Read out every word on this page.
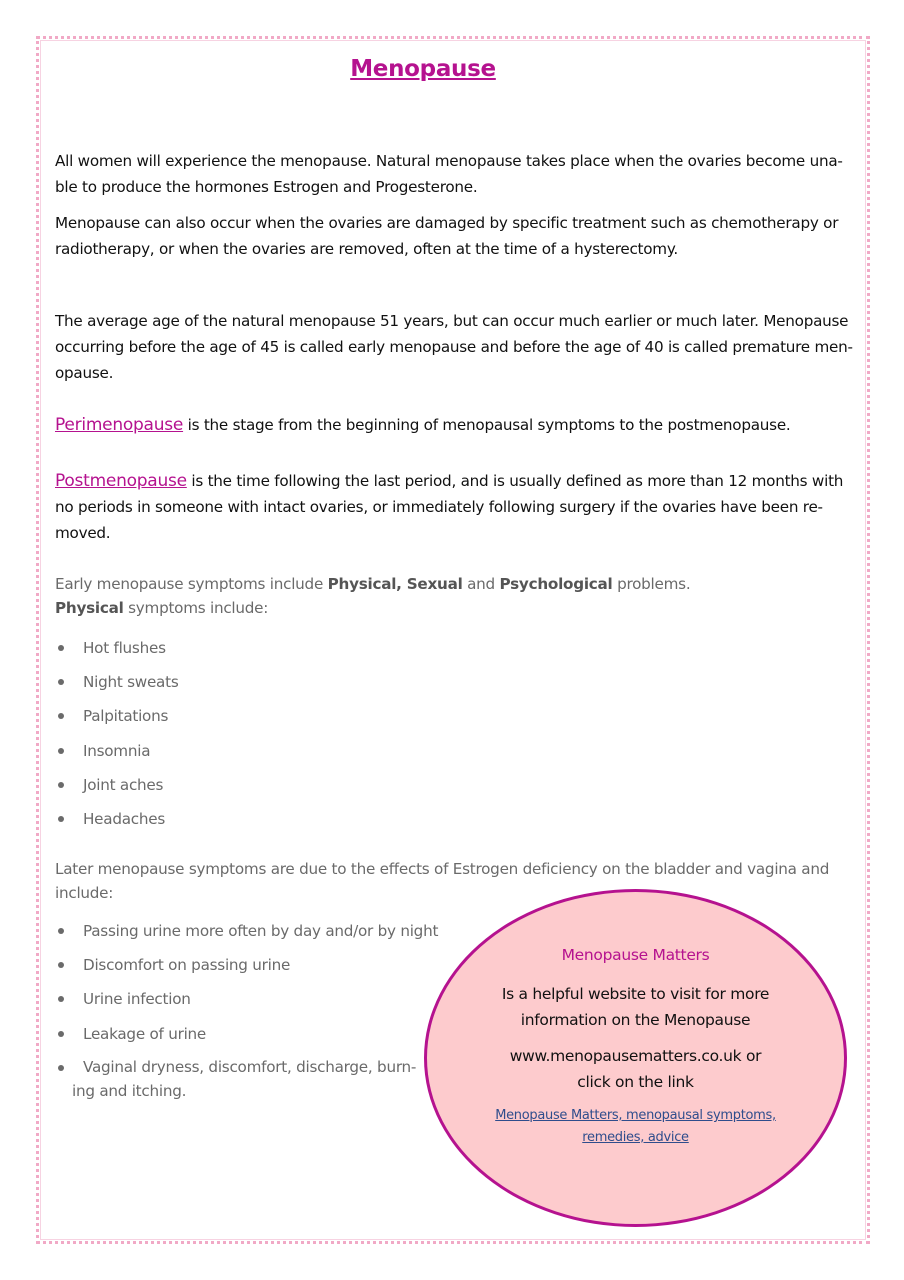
Menopause

All women will experience the menopause. Natural menopause takes place when the ovaries become una-ble to produce the hormones Estrogen and Progesterone.

Menopause can also occur when the ovaries are damaged by specific treatment such as chemotherapy or radiotherapy, or when the ovaries are removed, often at the time of a hysterectomy.

The average age of the natural menopause 51 years, but can occur much earlier or much later. Menopause occurring before the age of 45 is called early menopause and before the age of 40 is called premature men-opause.

Perimenopause is the stage from the beginning of menopausal symptoms to the postmenopause.

Postmenopause is the time following the last period, and is usually defined as more than 12 months with no periods in someone with intact ovaries, or immediately following surgery if the ovaries have been re-moved.

Early menopause symptoms include Physical, Sexual and Psychological problems.
Physical symptoms include:
Hot flushes
Night sweats
Palpitations
Insomnia
Joint aches
Headaches

Later menopause symptoms are due to the effects of Estrogen deficiency on the bladder and vagina and include:

Passing urine more often by day and/or by night
Discomfort on passing urine
Urine infection
Leakage of urine
Vaginal dryness, discomfort, discharge, burn-ing and itching.
Menopause Matters
Is a helpful website to visit for more
information on the Menopause
www.menopausematters.co.uk or
click on the link
Menopause Matters, menopausal symptoms,
remedies, advice
